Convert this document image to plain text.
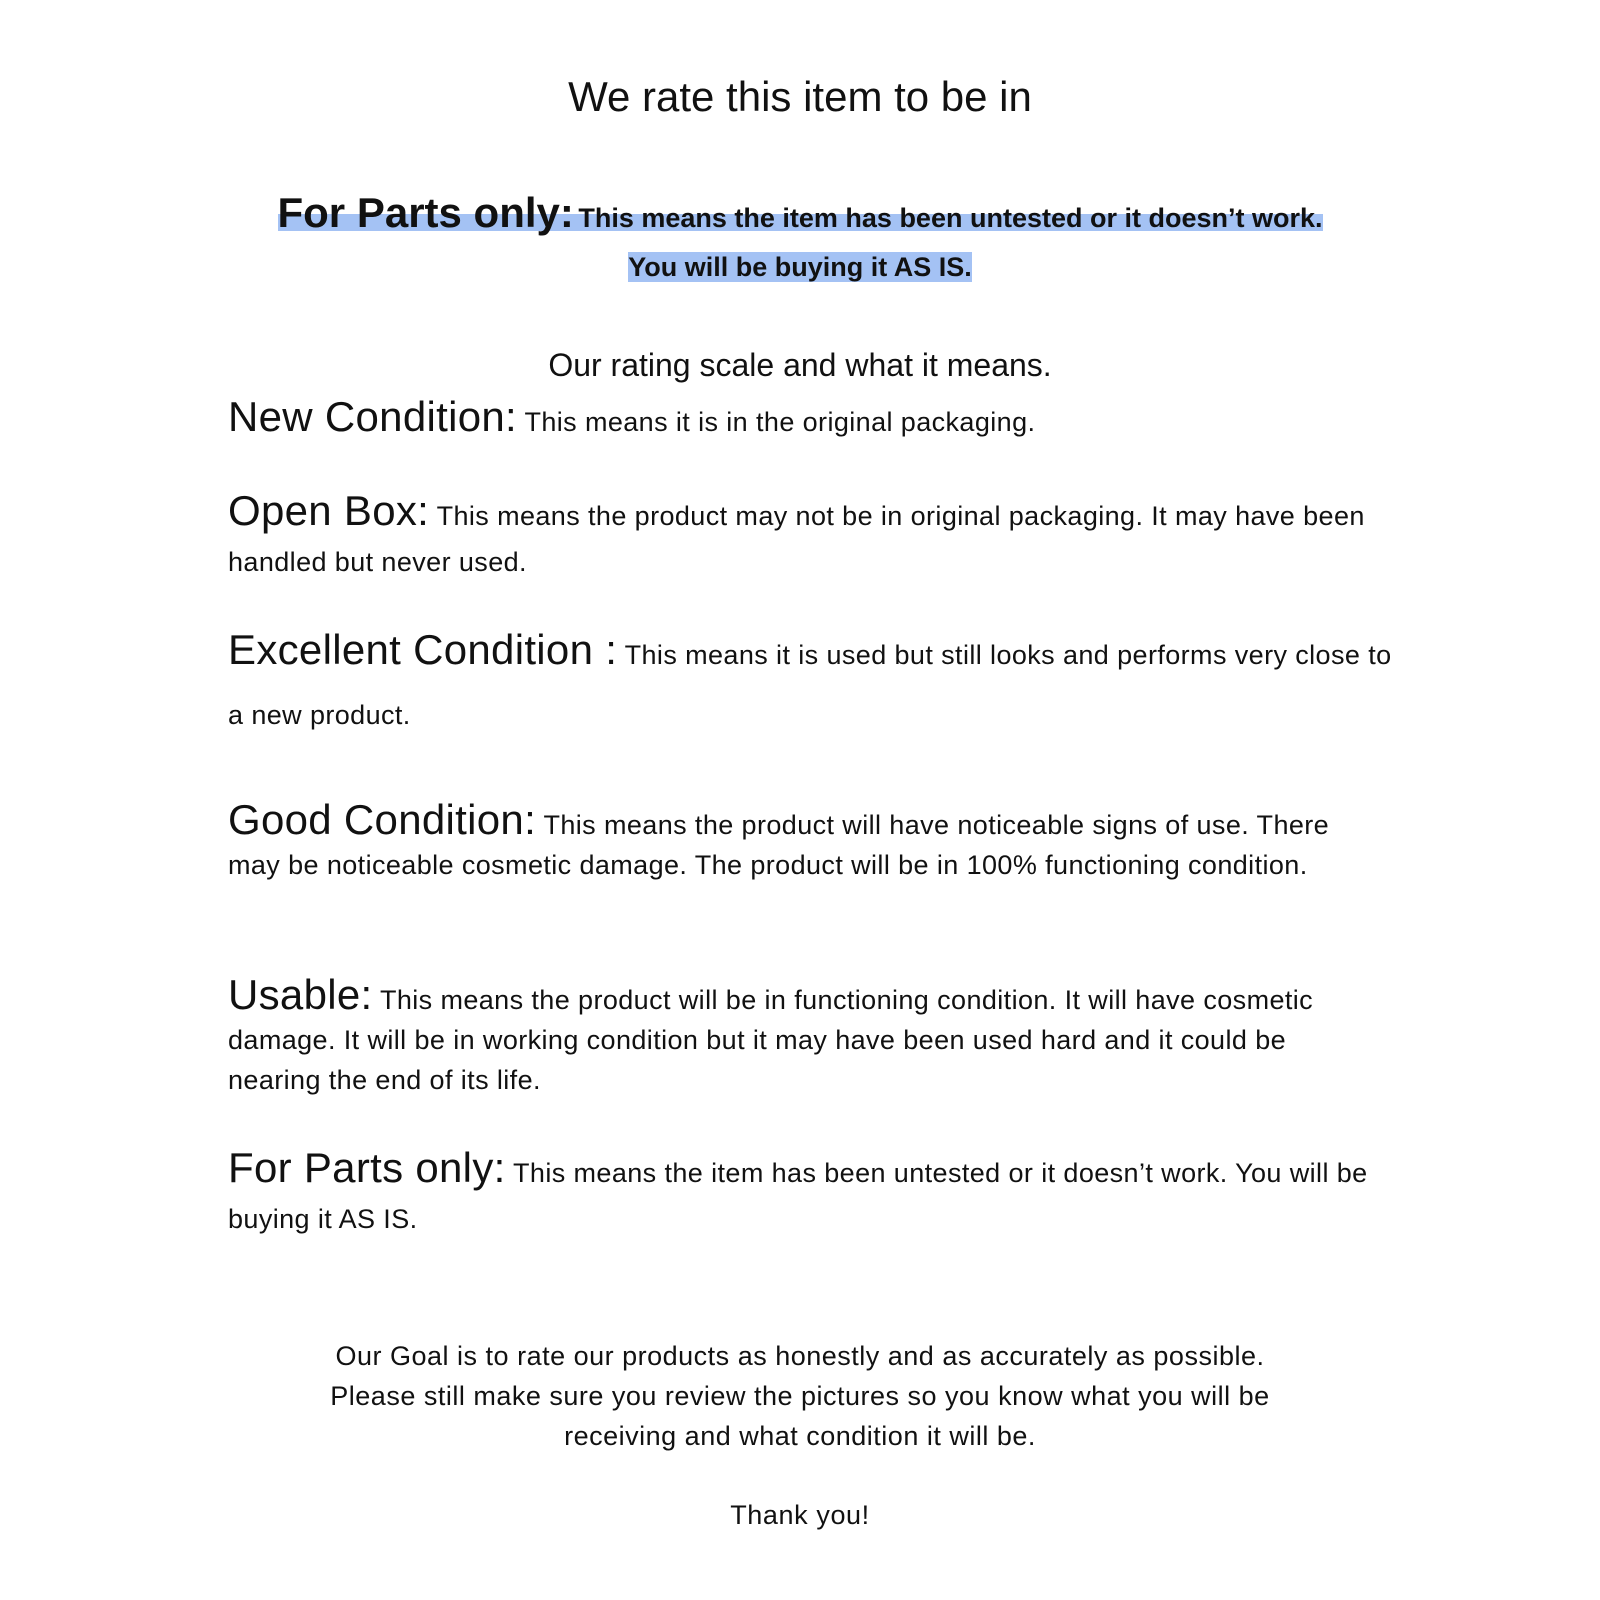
We rate this item to be in
For Parts only: This means the item has been untested or it doesn’t work.
You will be buying it AS IS.
Our rating scale and what it means.
New Condition: This means it is in the original packaging.
Open Box: This means the product may not be in original packaging. It may have been handled but never used.
Excellent Condition : This means it is used but still looks and performs very close to a new product.
Good Condition: This means the product will have noticeable signs of use. There may be noticeable cosmetic damage. The product will be in 100% functioning condition.
Usable: This means the product will be in functioning condition. It will have cosmetic damage. It will be in working condition but it may have been used hard and it could be nearing the end of its life.
For Parts only: This means the item has been untested or it doesn’t work. You will be buying it AS IS.
Our Goal is to rate our products as honestly and as accurately as possible.
Please still make sure you review the pictures so you know what you will be
receiving and what condition it will be.
Thank you!
